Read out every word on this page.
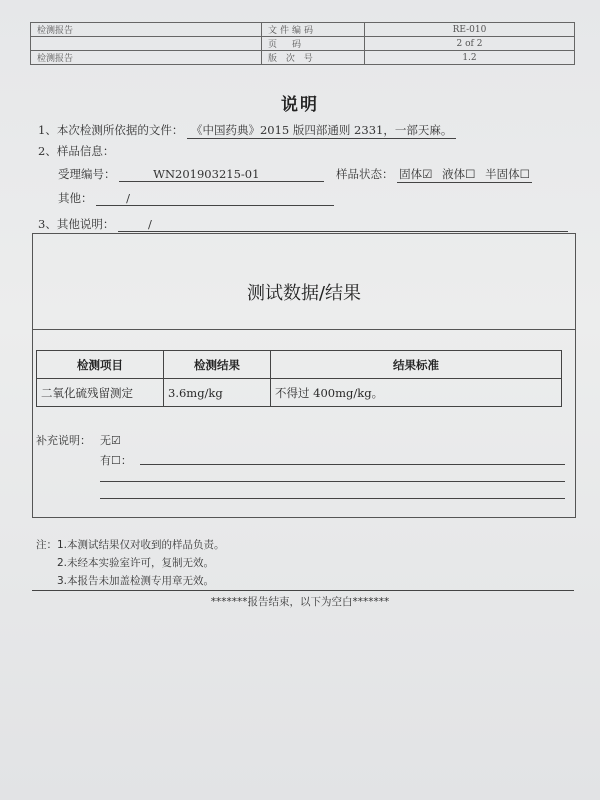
检测报告	文件编码	RE-010
	页　码	2 of 2
检测报告	版 次 号	1.2
说明
1、本次检测所依据的文件： 《中国药典》2015 版四部通则 2331，一部天麻。
2、样品信息：
受理编号：	WN201903215-01	样品状态： 固体☑ 液体☐ 半固体☐
其他：	/
3、其他说明：	/
测试数据/结果
检测项目	检测结果	结果标准
二氧化硫残留测定	3.6mg/kg	不得过 400mg/kg。
补充说明： 无☑
有☐：
注：1.本测试结果仅对收到的样品负责。
2.未经本实验室许可，复制无效。
3.本报告未加盖检测专用章无效。
*******报告结束，以下为空白*******
